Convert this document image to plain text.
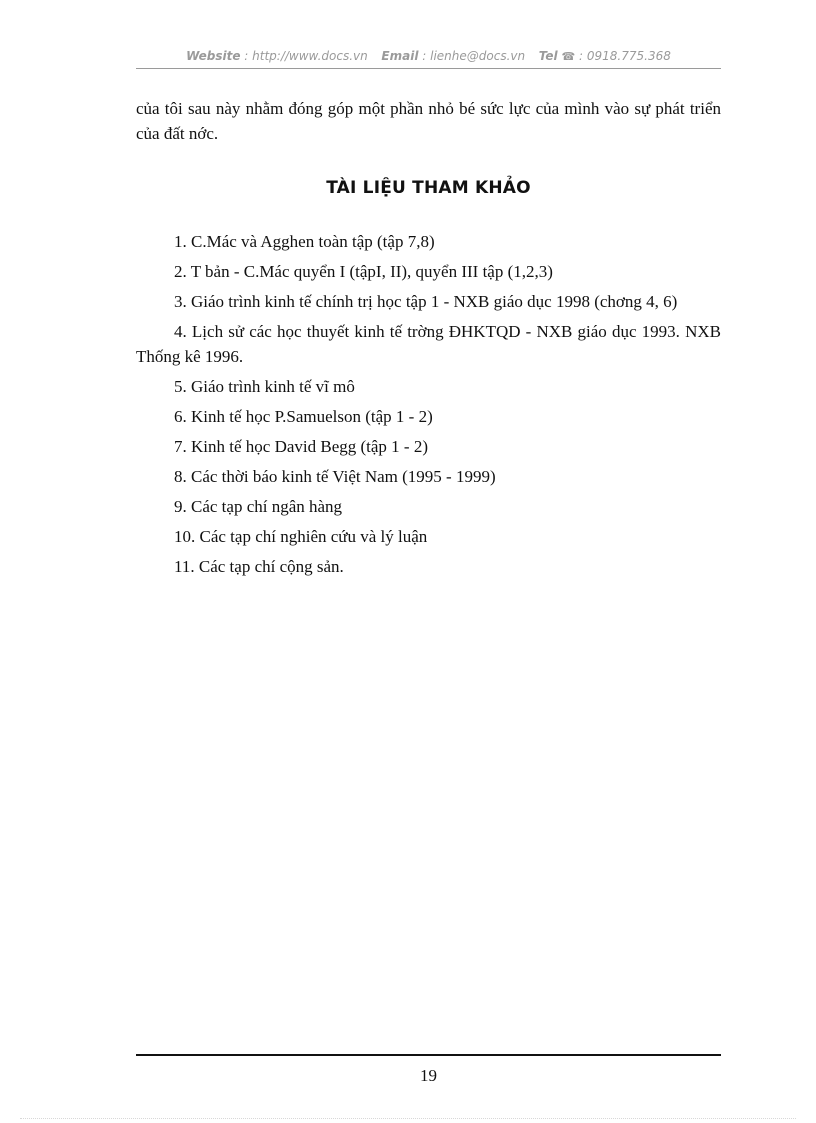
Website : http://www.docs.vn Email : lienhe@docs.vn Tel ☎ : 0918.775.368

của tôi sau này nhằm đóng góp một phần nhỏ bé sức lực của mình vào sự phát triển của đất nớc.

TÀI LIỆU THAM KHẢO
1. C.Mác và Agghen toàn tập (tập 7,8)
2. T bản - C.Mác quyển I (tậpI, II), quyển III tập (1,2,3)
3. Giáo trình kinh tế chính trị học tập 1 - NXB giáo dục 1998 (chơng 4, 6)
4. Lịch sử các học thuyết kinh tế trờng ĐHKTQD - NXB giáo dục 1993. NXB Thống kê 1996.
5. Giáo trình kinh tế vĩ mô
6. Kinh tế học P.Samuelson (tập 1 - 2)
7. Kinh tế học David Begg (tập 1 - 2)
8. Các thời báo kinh tế Việt Nam (1995 - 1999)
9. Các tạp chí ngân hàng
10. Các tạp chí nghiên cứu và lý luận
11. Các tạp chí cộng sản.
19
